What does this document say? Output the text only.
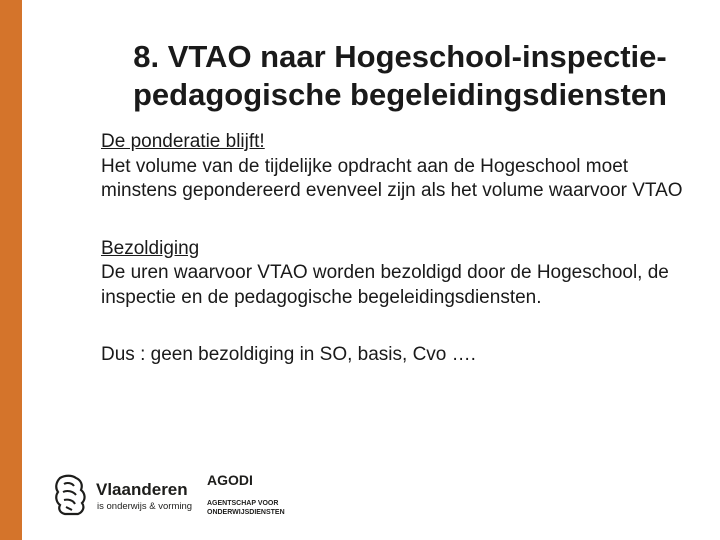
8. VTAO naar Hogeschool-inspectie-
pedagogische begeleidingsdiensten

De ponderatie blijft!

Het volume van de tijdelijke opdracht aan de Hogeschool moet minstens gepondereerd evenveel zijn als het volume waarvoor VTAO

Bezoldiging

De uren waarvoor VTAO worden bezoldigd door de Hogeschool, de inspectie en de pedagogische begeleidingsdiensten.

Dus : geen bezoldiging in SO, basis, Cvo ….

Vlaanderen
is onderwijs & vorming
AGODI
AGENTSCHAP VOOR
ONDERWIJSDIENSTEN
